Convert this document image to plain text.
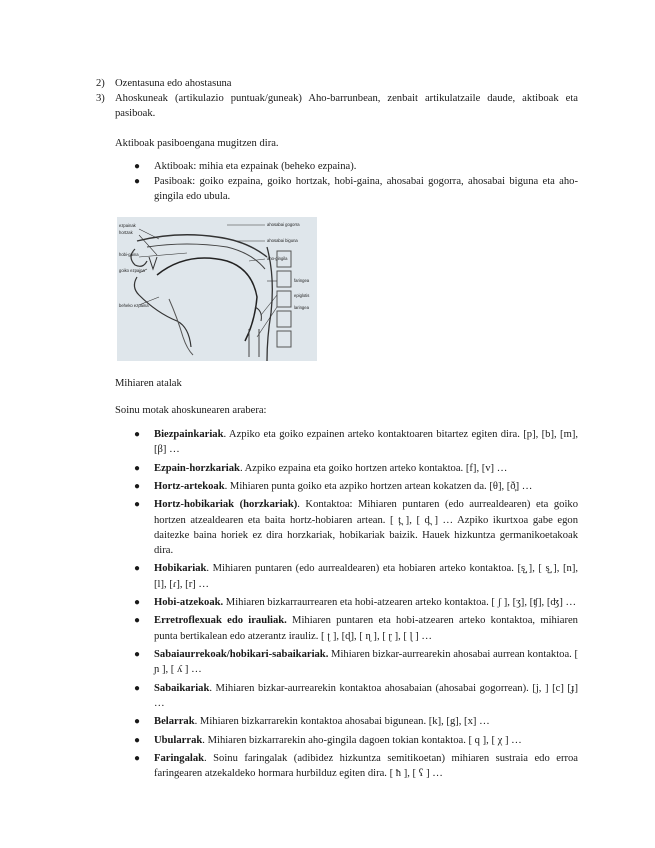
2) Ozentasuna edo ahostasuna
3) Ahoskuneak (artikulazio puntuak/guneak) Aho-barrunbean, zenbait artikulatzaile daude, aktiboak eta pasiboak.

Aktiboak pasiboengana mugitzen dira.

● Aktiboak: mihia eta ezpainak (beheko ezpaina).
● Pasiboak: goiko ezpaina, goiko hortzak, hobi-gaina, ahosabai gogorra, ahosabai biguna eta aho-gingila edo ubula.
ezpainak
hortzak
hobi-gaina
goiko ezpaina
beheko ezpaina
ahosabai gogorra
ahosabai biguna
aho-gingila
faringea
epiglotis
laringea

Mihiaren atalak

Soinu motak ahoskunearen arabera:

● Biezpainkariak. Azpiko eta goiko ezpainen arteko kontaktoaren bitartez egiten dira. [p], [b], [m], [β] …
● Ezpain-horzkariak. Azpiko ezpaina eta goiko hortzen arteko kontaktoa. [f], [v] …
● Hortz-artekoak. Mihiaren punta goiko eta azpiko hortzen artean kokatzen da. [θ], [ð̞] …
● Hortz-hobikariak (horzkariak). Kontaktoa: Mihiaren puntaren (edo aurrealdearen) eta goiko hortzen atzealdearen eta baita hortz-hobiaren artean. [ t̪ ], [ d̪ ] … Azpiko ikurtxoa gabe egon daitezke baina horiek ez dira horzkariak, hobikariak baizik. Hauek hizkuntza germanikoetakoak dira.
● Hobikariak. Mihiaren puntaren (edo aurrealdearen) eta hobiaren arteko kontaktoa. [s̺ ], [ s̺ ], [n], [l], [ɾ], [r] …
● Hobi-atzekoak. Mihiaren bizkarraurrearen eta hobi-atzearen arteko kontaktoa. [ ʃ ], [ʒ], [ʧ], [ʤ] …
● Erretroflexuak edo irauliak. Mihiaren puntaren eta hobi-atzearen arteko kontaktoa, mihiaren punta bertikalean edo atzerantz irauliz. [ ʈ ], [ɖ], [ ɳ ], [ ɽ ], [ ɭ ] …
● Sabaiaurrekoak/hobikari-sabaikariak. Mihiaren bizkar-aurrearekin ahosabai aurrean kontaktoa. [ ɲ ], [ ʎ ] …
● Sabaikariak. Mihiaren bizkar-aurrearekin kontaktoa ahosabaian (ahosabai gogorrean). [j, ] [c] [ɟ] …
● Belarrak. Mihiaren bizkarrarekin kontaktoa ahosabai bigunean. [k], [g], [x] …
● Ubularrak. Mihiaren bizkarrarekin aho-gingila dagoen tokian kontaktoa. [ q ], [ χ ] …
● Faringalak. Soinu faringalak (adibidez hizkuntza semitikoetan) mihiaren sustraia edo erroa faringearen atzekaldeko hormara hurbilduz egiten dira. [ ħ ], [ ʕ ] …
